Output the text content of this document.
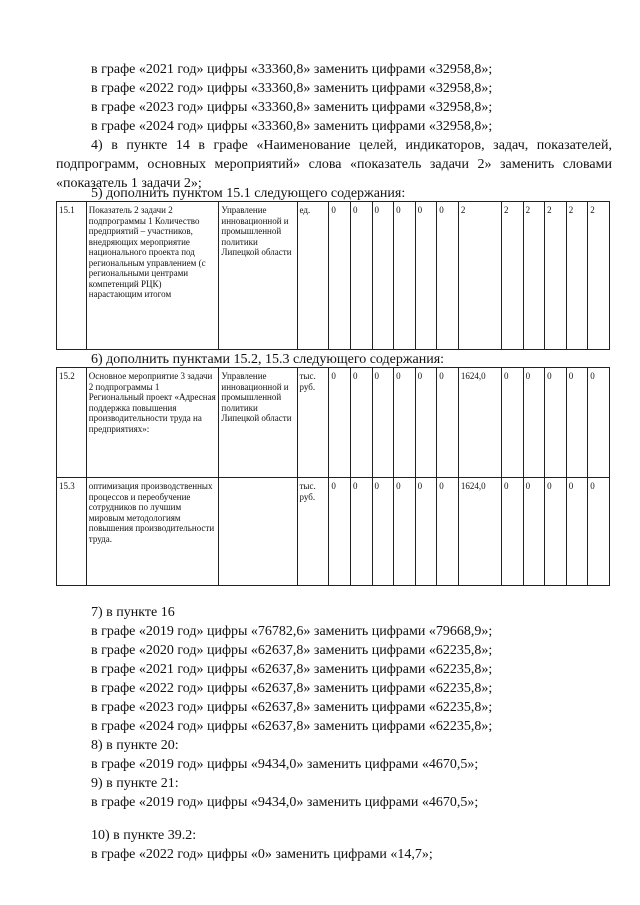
в графе «2021 год» цифры «33360,8» заменить цифрами «32958,8»;
в графе «2022 год» цифры «33360,8» заменить цифрами «32958,8»;
в графе «2023 год» цифры «33360,8» заменить цифрами «32958,8»;
в графе «2024 год» цифры «33360,8» заменить цифрами «32958,8»;
4) в пункте 14 в графе «Наименование целей, индикаторов, задач, показателей, подпрограмм, основных мероприятий» слова «показатель задачи 2» заменить словами «показатель 1 задачи 2»;
5) дополнить пунктом 15.1 следующего содержания:
15.1	Показатель 2 задачи 2 подпрограммы 1 Количество предприятий – участников, внедряющих мероприятие национального проекта под региональным управлением (с региональными центрами компетенций РЦК) нарастающим итогом	Управление инновационной и промышленной политики Липецкой области	ед.	0	0	0	0	0	0	2	2	2	2	2	2
6) дополнить пунктами 15.2, 15.3 следующего содержания:
15.2	Основное мероприятие 3 задачи 2 подпрограммы 1 Региональный проект «Адресная поддержка повышения производительности труда на предприятиях»:	Управление инновационной и промышленной политики Липецкой области	тыс. руб.	0	0	0	0	0	0	1624,0	0	0	0	0	0
15.3	оптимизация производственных процессов и переобучение сотрудников по лучшим мировым методологиям повышения производительности труда.		тыс. руб.	0	0	0	0	0	0	1624,0	0	0	0	0	0
7) в пункте 16
в графе «2019 год» цифры «76782,6» заменить цифрами «79668,9»;
в графе «2020 год» цифры «62637,8» заменить цифрами «62235,8»;
в графе «2021 год» цифры «62637,8» заменить цифрами «62235,8»;
в графе «2022 год» цифры «62637,8» заменить цифрами «62235,8»;
в графе «2023 год» цифры «62637,8» заменить цифрами «62235,8»;
в графе «2024 год» цифры «62637,8» заменить цифрами «62235,8»;
8) в пункте 20:
в графе «2019 год» цифры «9434,0» заменить цифрами «4670,5»;
9) в пункте 21:
в графе «2019 год» цифры «9434,0» заменить цифрами «4670,5»;
10) в пункте 39.2:
в графе «2022 год» цифры «0» заменить цифрами «14,7»;
